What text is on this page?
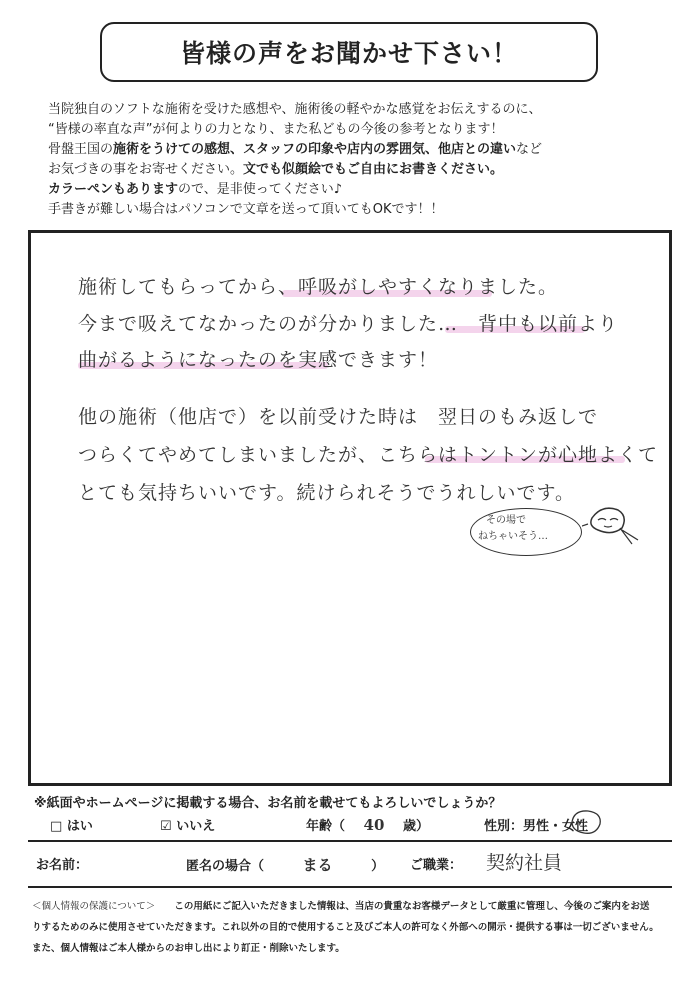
皆様の声をお聞かせ下さい！
当院独自のソフトな施術を受けた感想や、施術後の軽やかな感覚をお伝えするのに、
“皆様の率直な声”が何よりの力となり、また私どもの今後の参考となります！
骨盤王国の施術をうけての感想、スタッフの印象や店内の雰囲気、他店との違いなど
お気づきの事をお寄せください。文でも似顔絵でもご自由にお書きください。
カラーペンもありますので、是非使ってください♪
手書きが難しい場合はパソコンで文章を送って頂いてもOKです！！
施術してもらってから、呼吸がしやすくなりました。
今まで吸えてなかったのが分かりました…　背中も以前より
曲がるようになったのを実感できます！
他の施術（他店で）を以前受けた時は　翌日のもみ返しで
つらくてやめてしまいましたが、こちらはトントンが心地よくて
とても気持ちいいです。続けられそうでうれしいです。
その場で
ねちゃいそう…
※紙面やホームページに掲載する場合、お名前を載せてもよろしいでしょうか？
□ はい	☑ いいえ	年齢（ 40 歳）	性別：男性・女性
お名前：	匿名の場合（	まる	） ご職業： 契約社員
＜個人情報の保護について＞　　 この用紙にご記入いただきました情報は、当店の貴重なお客様データとして厳重に管理し、今後のご案内をお送
りするためのみに使用させていただきます。これ以外の目的で使用すること及びご本人の許可なく外部への開示・提供する事は一切ございません。
また、個人情報はご本人様からのお申し出により訂正・削除いたします。
